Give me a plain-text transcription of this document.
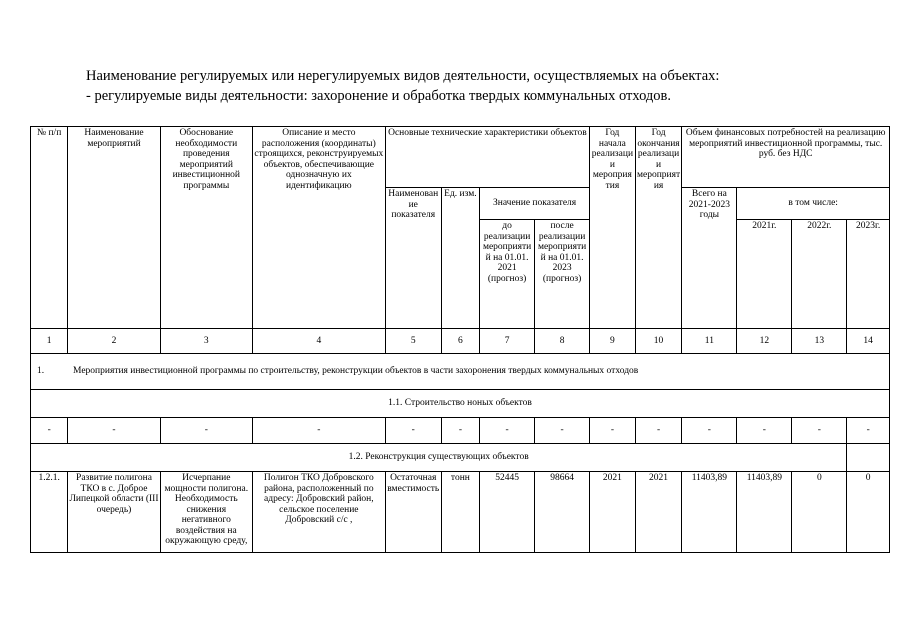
Наименование регулируемых или нерегулируемых видов деятельности, осуществляемых на объектах:
- регулируемые виды деятельности: захоронение и обработка твердых коммунальных отходов.
№ п/п	Наименование мероприятий	Обоснование необходимости проведения мероприятий инвестиционной программы	Описание и место расположения (координаты) строящихся, реконструируемых объектов, обеспечивающие однозначную их идентификацию	Основные технические характеристики объектов				Год начала реализации мероприятия	Год окончания реализации мероприятия	Объем финансовых потребностей на реализацию мероприятий инвестиционной программы, тыс. руб. без НДС			
				Наименование показателя	Ед. изм.	Значение показателя				Всего на 2021-2023 годы	в том числе:		
						до реализации мероприятий на 01.01. 2021 (прогноз)	после реализации мероприятий на 01.01. 2023 (прогноз)				2021г.	2022г.	2023г.
1	2	3	4	5	6	7	8	9	10	11	12	13	14
1. Мероприятия инвестиционной программы по строительству, реконструкции объектов в части захоронения твердых коммунальных отходов													
1.1. Строительство ноных объектов													
-	-	-	-	-	-	-	-	-	-	-	-	-	-
1.2. Реконструкция существующих объектов													
1.2.1.	Развитие полигона ТКО в с. Доброе Липецкой области (III очередь)	Исчерпание мощности полигона. Необходимость снижения негативного воздействия на окружающую среду,	Полигон ТКО Добровского района, расположенный по адресу: Добровский район, сельское поселение Добровский с/с ,	Остаточная вместимость	тонн	52445	98664	2021	2021	11403,89	11403,89	0	0
